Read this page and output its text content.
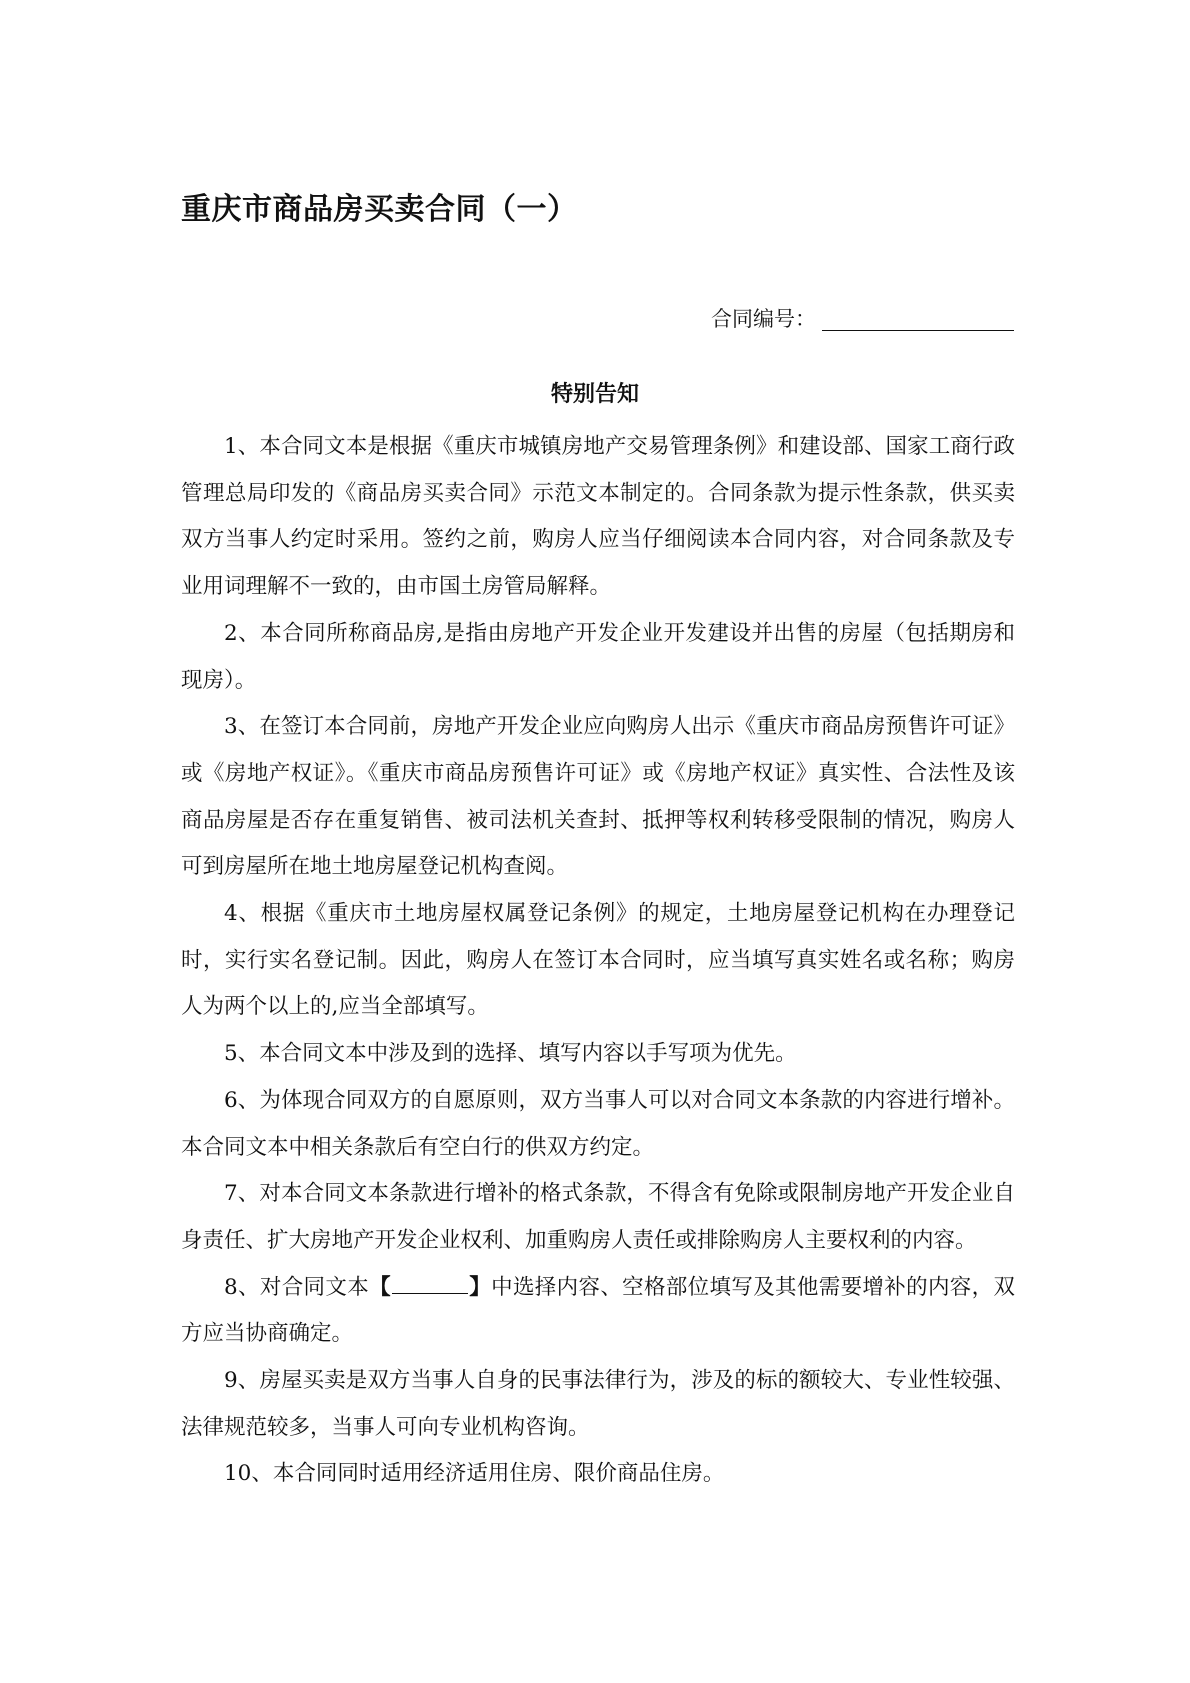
重庆市商品房买卖合同（一）
合同编号：
特别告知
1、本合同文本是根据《重庆市城镇房地产交易管理条例》和建设部、国家工商行政管理总局印发的《商品房买卖合同》示范文本制定的。合同条款为提示性条款，供买卖双方当事人约定时采用。签约之前，购房人应当仔细阅读本合同内容，对合同条款及专业用词理解不一致的，由市国土房管局解释。
2、本合同所称商品房,是指由房地产开发企业开发建设并出售的房屋（包括期房和现房）。
3、在签订本合同前，房地产开发企业应向购房人出示《重庆市商品房预售许可证》或《房地产权证》。《重庆市商品房预售许可证》或《房地产权证》真实性、合法性及该商品房屋是否存在重复销售、被司法机关查封、抵押等权利转移受限制的情况，购房人可到房屋所在地土地房屋登记机构查阅。
4、根据《重庆市土地房屋权属登记条例》的规定，土地房屋登记机构在办理登记时，实行实名登记制。因此，购房人在签订本合同时，应当填写真实姓名或名称；购房人为两个以上的,应当全部填写。
5、本合同文本中涉及到的选择、填写内容以手写项为优先。
6、为体现合同双方的自愿原则，双方当事人可以对合同文本条款的内容进行增补。本合同文本中相关条款后有空白行的供双方约定。
7、对本合同文本条款进行增补的格式条款，不得含有免除或限制房地产开发企业自身责任、扩大房地产开发企业权利、加重购房人责任或排除购房人主要权利的内容。
8、对合同文本【	】中选择内容、空格部位填写及其他需要增补的内容，双方应当协商确定。
9、房屋买卖是双方当事人自身的民事法律行为，涉及的标的额较大、专业性较强、法律规范较多，当事人可向专业机构咨询。
10、本合同同时适用经济适用住房、限价商品住房。
